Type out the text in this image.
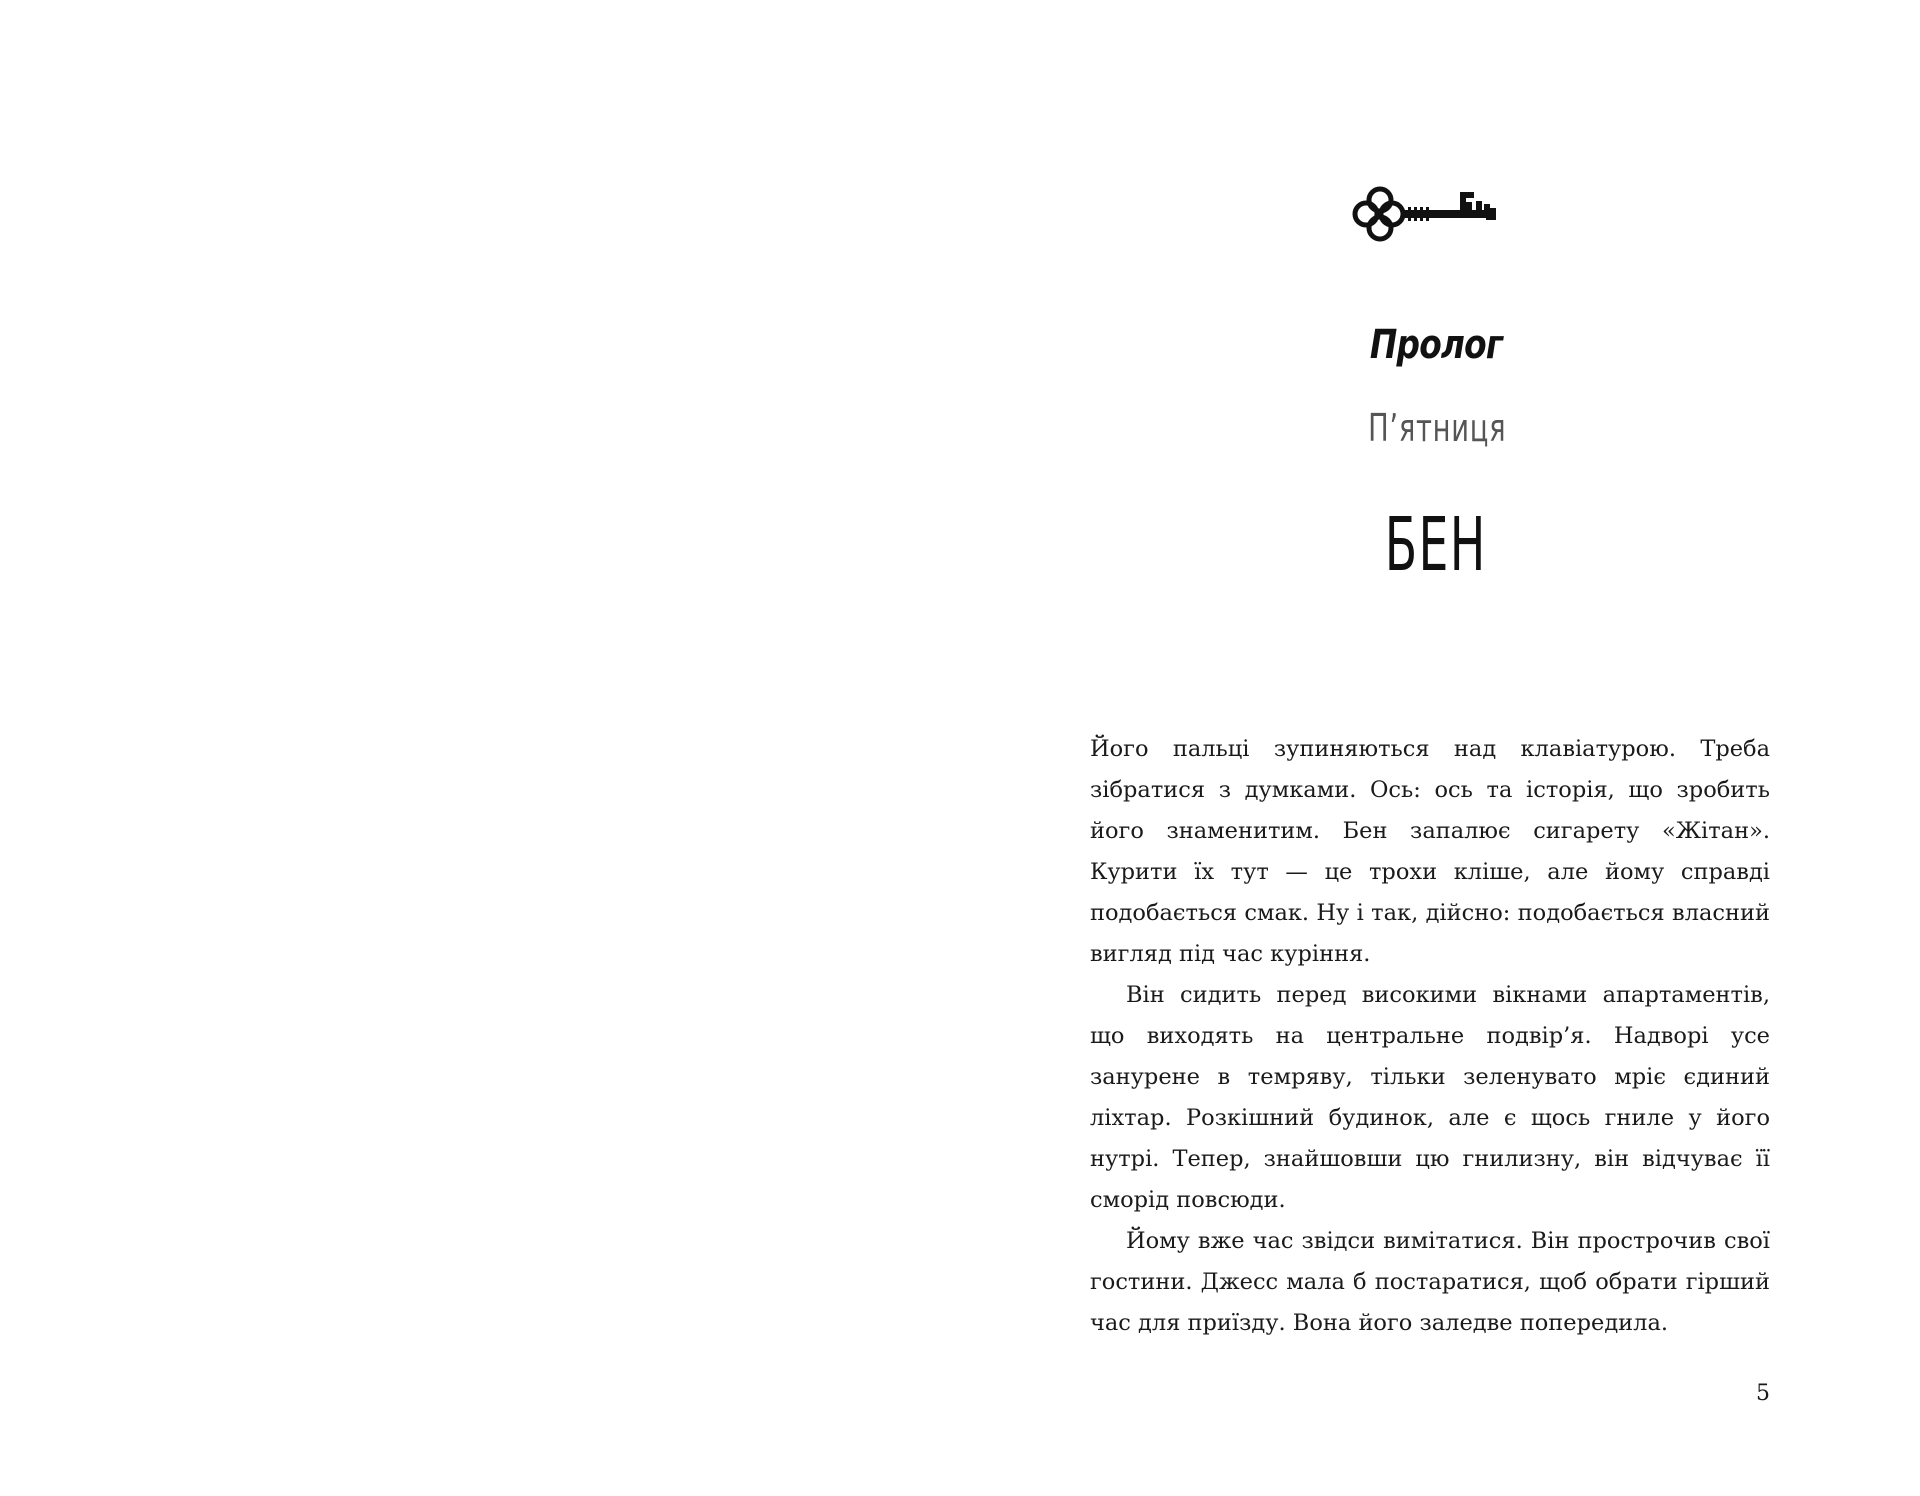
Пролог
П’ятниця
БЕН

Його пальці зупиняються над клавіатурою. Треба зібратися з думками. Ось: ось та історія, що зробить його знаменитим. Бен запалює сигарету «Жітан». Курити їх тут — це трохи кліше, але йому справді подобається смак. Ну і так, дійсно: подобається власний вигляд під час куріння.

Він сидить перед високими вікнами апартаментів, що виходять на центральне подвір’я. Надворі усе занурене в темряву, тільки зеленувато мріє єдиний ліхтар. Розкішний будинок, але є щось гниле у його нутрі. Тепер, знайшовши цю гнилизну, він відчуває її сморід повсюди.

Йому вже час звідси вимітатися. Він прострочив свої гостини. Джесс мала б постаратися, щоб обрати гірший час для приїзду. Вона його заледве попередила.

5
